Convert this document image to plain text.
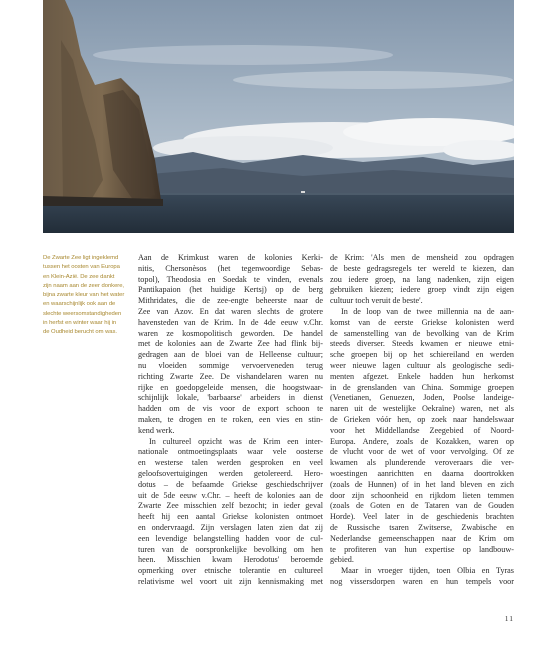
De Zwarte Zee ligt ingeklemd
tussen het oosten van Europa
en Klein-Azië. De zee dankt
zijn naam aan de zeer donkere,
bijna zwarte kleur van het water
en waarschijnlijk ook aan de
slechte weersomstandigheden
in herfst en winter waar hij in
de Oudheid berucht om was.
Aan de Krimkust waren de kolonies Kerki-
nitis, Chersonèsos (het tegenwoordige Sebas-
topol), Theodosia en Soedak te vinden, evenals
Pantikapaion (het huidige Kertsj) op de berg
Mithridates, die de zee-engte beheerste naar de
Zee van Azov. En dat waren slechts de grotere
havensteden van de Krim. In de 4de eeuw v.Chr.
waren ze kosmopolitisch geworden. De handel
met de kolonies aan de Zwarte Zee had flink bij-
gedragen aan de bloei van de Helleense cultuur;
nu vloeiden sommige vervoerveneden terug
richting Zwarte Zee. De vishandelaren waren nu
rijke en goedopgeleide mensen, die hoogstwaar-
schijnlijk lokale, 'barbaarse' arbeiders in dienst
hadden om de vis voor de export schoon te
maken, te drogen en te roken, een vies en stin-
kend werk.
In cultureel opzicht was de Krim een inter-
nationale ontmoetingsplaats waar vele oosterse
en westerse talen werden gesproken en veel
geloofsovertuigingen werden getolereerd. Hero-
dotus – de befaamde Griekse geschiedschrijver
uit de 5de eeuw v.Chr. – heeft de kolonies aan de
Zwarte Zee misschien zelf bezocht; in ieder geval
heeft hij een aantal Griekse kolonisten ontmoet
en ondervraagd. Zijn verslagen laten zien dat zij
een levendige belangstelling hadden voor de cul-
turen van de oorspronkelijke bevolking om hen
heen. Misschien kwam Herodotus' beroemde
opmerking over etnische tolerantie en cultureel
relativisme wel voort uit zijn kennismaking met
de Krim: 'Als men de mensheid zou opdragen
de beste gedragsregels ter wereld te kiezen, dan
zou iedere groep, na lang nadenken, zijn eigen
gebruiken kiezen; iedere groep vindt zijn eigen
cultuur toch veruit de beste'.
In de loop van de twee millennia na de aan-
komst van de eerste Griekse kolonisten werd
de samenstelling van de bevolking van de Krim
steeds diverser. Steeds kwamen er nieuwe etni-
sche groepen bij op het schiereiland en werden
weer nieuwe lagen cultuur als geologische sedi-
menten afgezet. Enkele hadden hun herkomst
in de grenslanden van China. Sommige groepen
(Venetianen, Genuezen, Joden, Poolse landeige-
naren uit de westelijke Oekraïne) waren, net als
de Grieken vóór hen, op zoek naar handelswaar
voor het Middellandse Zeegebied of Noord-
Europa. Andere, zoals de Kozakken, waren op
de vlucht voor de wet of voor vervolging. Of ze
kwamen als plunderende veroveraars die ver-
woestingen aanrichtten en daarna doortrokken
(zoals de Hunnen) of in het land bleven en zich
door zijn schoonheid en rijkdom lieten temmen
(zoals de Goten en de Tataren van de Gouden
Horde). Veel later in de geschiedenis brachten
de Russische tsaren Zwitserse, Zwabische en
Nederlandse gemeenschappen naar de Krim om
te profiteren van hun expertise op landbouw-
gebied.
Maar in vroeger tijden, toen Olbia en Tyras
nog vissersdorpen waren en hun tempels voor
11
